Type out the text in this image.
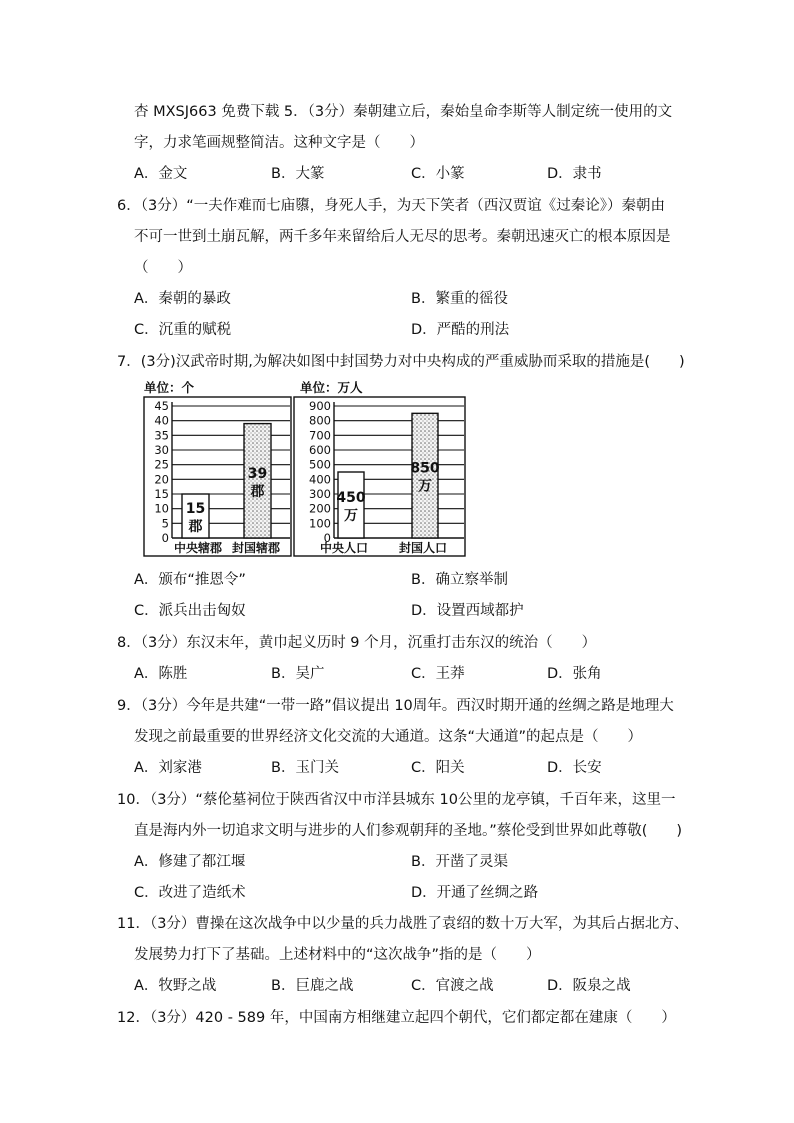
杏 MXSJ663 免费下载 5．（3分）秦朝建立后，秦始皇命李斯等人制定统一使用的文
字，力求笔画规整简洁。这种文字是（　　）
A．金文	B．大篆	C．小篆	D．隶书
6．（3分）“一夫作难而七庙隳，身死人手，为天下笑者（西汉贾谊《过秦论》）秦朝由
不可一世到土崩瓦解，两千多年来留给后人无尽的思考。秦朝迅速灭亡的根本原因是
（　　）
A．秦朝的暴政	B．繁重的徭役
C．沉重的赋税	D．严酷的刑法
7．(3分)汉武帝时期,为解决如图中封国势力对中央构成的严重威胁而采取的措施是(　　)
单位：个
0
5
10
15
20
25
30
35
40
45
15
郡
39
郡
中央辖郡 封国辖郡
单位：万人
0
100
200
300
400
500
600
700
800
900
450
万
850
万
中央人口	封国人口
A．颁布“推恩令”	B．确立察举制
C．派兵出击匈奴	D．设置西域都护
8．（3分）东汉末年，黄巾起义历时 9 个月，沉重打击东汉的统治（　　）
A．陈胜	B．吴广	C．王莽	D．张角
9．（3分）今年是共建“一带一路”倡议提出 10周年。西汉时期开通的丝绸之路是地理大
发现之前最重要的世界经济文化交流的大通道。这条“大通道”的起点是（　　）
A．刘家港	B．玉门关	C．阳关	D．长安
10．（3分）“蔡伦墓祠位于陕西省汉中市洋县城东 10公里的龙亭镇，千百年来，这里一
直是海内外一切追求文明与进步的人们参观朝拜的圣地。”蔡伦受到世界如此尊敬(　　)
A．修建了都江堰	B．开凿了灵渠
C．改进了造纸术	D．开通了丝绸之路
11．（3分）曹操在这次战争中以少量的兵力战胜了袁绍的数十万大军，为其后占据北方、
发展势力打下了基础。上述材料中的“这次战争”指的是（　　）
A．牧野之战	B．巨鹿之战	C．官渡之战	D．阪泉之战
12．（3分）420 - 589 年，中国南方相继建立起四个朝代，它们都定都在建康（　　）
